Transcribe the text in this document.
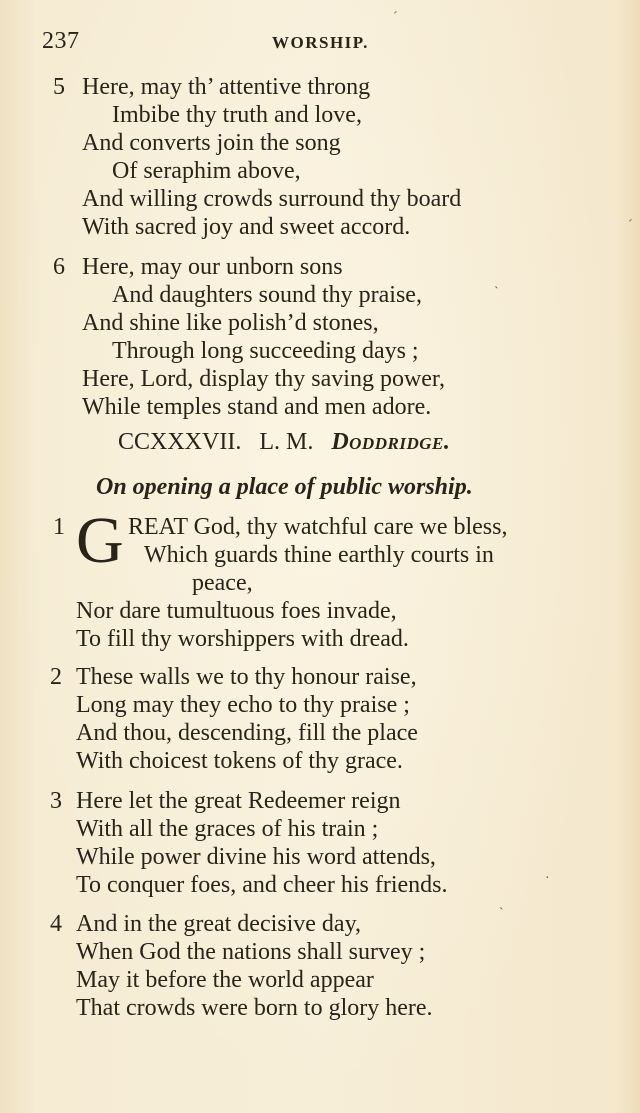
237	WORSHIP.
5 Here, may th’ attentive throng
Imbibe thy truth and love,
And converts join the song
Of seraphim above,
And willing crowds surround thy board
With sacred joy and sweet accord.
6 Here, may our unborn sons
And daughters sound thy praise,
And shine like polish’d stones,
Through long succeeding days ;
Here, Lord, display thy saving power,
While temples stand and men adore.
CCXXXVII. L. M. Doddridge.
On opening a place of public worship.
1 G REAT God, thy watchful care we bless,
Which guards thine earthly courts in
peace,
Nor dare tumultuous foes invade,
To fill thy worshippers with dread.
2 These walls we to thy honour raise,
Long may they echo to thy praise ;
And thou, descending, fill the place
With choicest tokens of thy grace.
3 Here let the great Redeemer reign
With all the graces of his train ;
While power divine his word attends,
To conquer foes, and cheer his friends.
4 And in the great decisive day,
When God the nations shall survey ;
May it before the world appear
That crowds were born to glory here.
ˊ
ˊ
ˋ
·
ˋ
